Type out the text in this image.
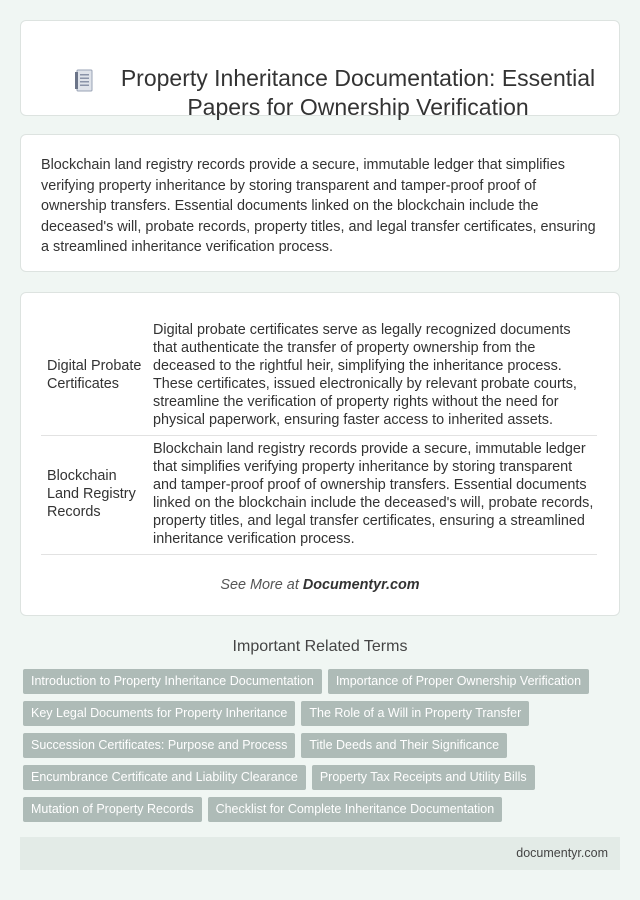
Property Inheritance Documentation: Essential Papers for Ownership Verification

Blockchain land registry records provide a secure, immutable ledger that simplifies verifying property inheritance by storing transparent and tamper-proof proof of ownership transfers. Essential documents linked on the blockchain include the deceased's will, probate records, property titles, and legal transfer certificates, ensuring a streamlined inheritance verification process.

Digital Probate Certificates	Digital probate certificates serve as legally recognized documents that authenticate the transfer of property ownership from the deceased to the rightful heir, simplifying the inheritance process. These certificates, issued electronically by relevant probate courts, streamline the verification of property rights without the need for physical paperwork, ensuring faster access to inherited assets.
Blockchain Land Registry Records	Blockchain land registry records provide a secure, immutable ledger that simplifies verifying property inheritance by storing transparent and tamper-proof proof of ownership transfers. Essential documents linked on the blockchain include the deceased's will, probate records, property titles, and legal transfer certificates, ensuring a streamlined inheritance verification process.
See More at Documentyr.com
Important Related Terms
Introduction to Property Inheritance Documentation Importance of Proper Ownership Verification
Key Legal Documents for Property Inheritance The Role of a Will in Property Transfer
Succession Certificates: Purpose and Process Title Deeds and Their Significance
Encumbrance Certificate and Liability Clearance Property Tax Receipts and Utility Bills
Mutation of Property Records Checklist for Complete Inheritance Documentation
documentyr.com
